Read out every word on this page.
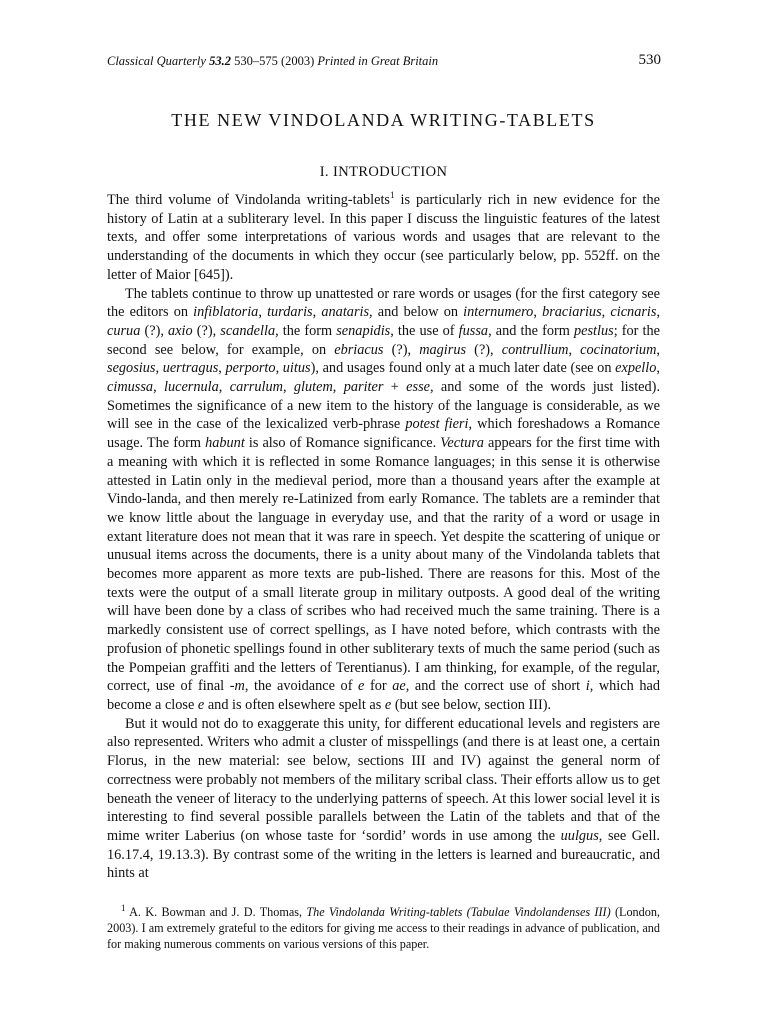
Classical Quarterly 53.2 530–575 (2003) Printed in Great Britain	530
THE NEW VINDOLANDA WRITING-TABLETS
I. INTRODUCTION

The third volume of Vindolanda writing-tablets$^1$ is particularly rich in new evidence for the history of Latin at a subliterary level. In this paper I discuss the linguistic features of the latest texts, and offer some interpretations of various words and usages that are relevant to the understanding of the documents in which they occur (see particularly below, pp. 552ff. on the letter of Maior [645]).

The tablets continue to throw up unattested or rare words or usages (for the first category see the editors on infiblatoria, turdaris, anataris, and below on internumero, braciarius, cicnaris, curua (?), axio (?), scandella, the form senapidis, the use of fussa, and the form pestlus; for the second see below, for example, on ebriacus (?), magirus (?), contrullium, cocinatorium, segosius, uertragus, perporto, uitus), and usages found only at a much later date (see on expello, cimussa, lucernula, carrulum, glutem, pariter + esse, and some of the words just listed). Sometimes the significance of a new item to the history of the language is considerable, as we will see in the case of the lexicalized verb-phrase potest fieri, which foreshadows a Romance usage. The form habunt is also of Romance significance. Vectura appears for the first time with a meaning with which it is reflected in some Romance languages; in this sense it is otherwise attested in Latin only in the medieval period, more than a thousand years after the example at Vindo-landa, and then merely re-Latinized from early Romance. The tablets are a reminder that we know little about the language in everyday use, and that the rarity of a word or usage in extant literature does not mean that it was rare in speech. Yet despite the scattering of unique or unusual items across the documents, there is a unity about many of the Vindolanda tablets that becomes more apparent as more texts are pub-lished. There are reasons for this. Most of the texts were the output of a small literate group in military outposts. A good deal of the writing will have been done by a class of scribes who had received much the same training. There is a markedly consistent use of correct spellings, as I have noted before, which contrasts with the profusion of phonetic spellings found in other subliterary texts of much the same period (such as the Pompeian graffiti and the letters of Terentianus). I am thinking, for example, of the regular, correct, use of final -m, the avoidance of e for ae, and the correct use of short i, which had become a close e and is often elsewhere spelt as e (but see below, section III).

But it would not do to exaggerate this unity, for different educational levels and registers are also represented. Writers who admit a cluster of misspellings (and there is at least one, a certain Florus, in the new material: see below, sections III and IV) against the general norm of correctness were probably not members of the military scribal class. Their efforts allow us to get beneath the veneer of literacy to the underlying patterns of speech. At this lower social level it is interesting to find several possible parallels between the Latin of the tablets and that of the mime writer Laberius (on whose taste for ‘sordid’ words in use among the uulgus, see Gell. 16.17.4, 19.13.3). By contrast some of the writing in the letters is learned and bureaucratic, and hints at

$^1$ A. K. Bowman and J. D. Thomas, The Vindolanda Writing-tablets (Tabulae Vindolandenses III) (London, 2003). I am extremely grateful to the editors for giving me access to their readings in advance of publication, and for making numerous comments on various versions of this paper.
